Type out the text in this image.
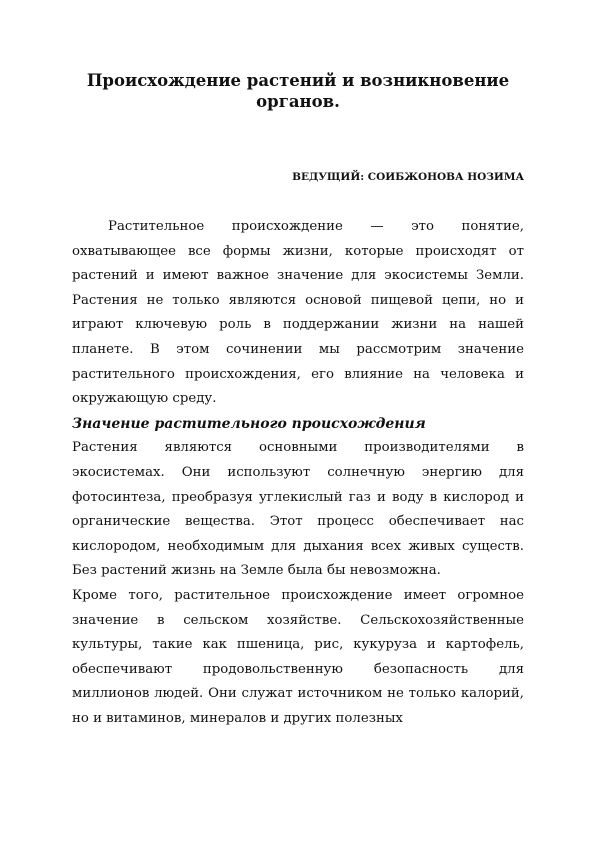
Происхождение растений и возникновение органов.
ВЕДУЩИЙ: СОИБЖОНОВА НОЗИМА

Растительное происхождение — это понятие, охватывающее все формы жизни, которые происходят от растений и имеют важное значение для экосистемы Земли. Растения не только являются основой пищевой цепи, но и играют ключевую роль в поддержании жизни на нашей планете. В этом сочинении мы рассмотрим значение растительного происхождения, его влияние на человека и окружающую среду.

Значение растительного происхождения

Растения являются основными производителями в экосистемах. Они используют солнечную энергию для фотосинтеза, преобразуя углекислый газ и воду в кислород и органические вещества. Этот процесс обеспечивает нас кислородом, необходимым для дыхания всех живых существ. Без растений жизнь на Земле была бы невозможна.

Кроме того, растительное происхождение имеет огромное значение в сельском хозяйстве. Сельскохозяйственные культуры, такие как пшеница, рис, кукуруза и картофель, обеспечивают продовольственную безопасность для миллионов людей. Они служат источником не только калорий, но и витаминов, минералов и других полезных
